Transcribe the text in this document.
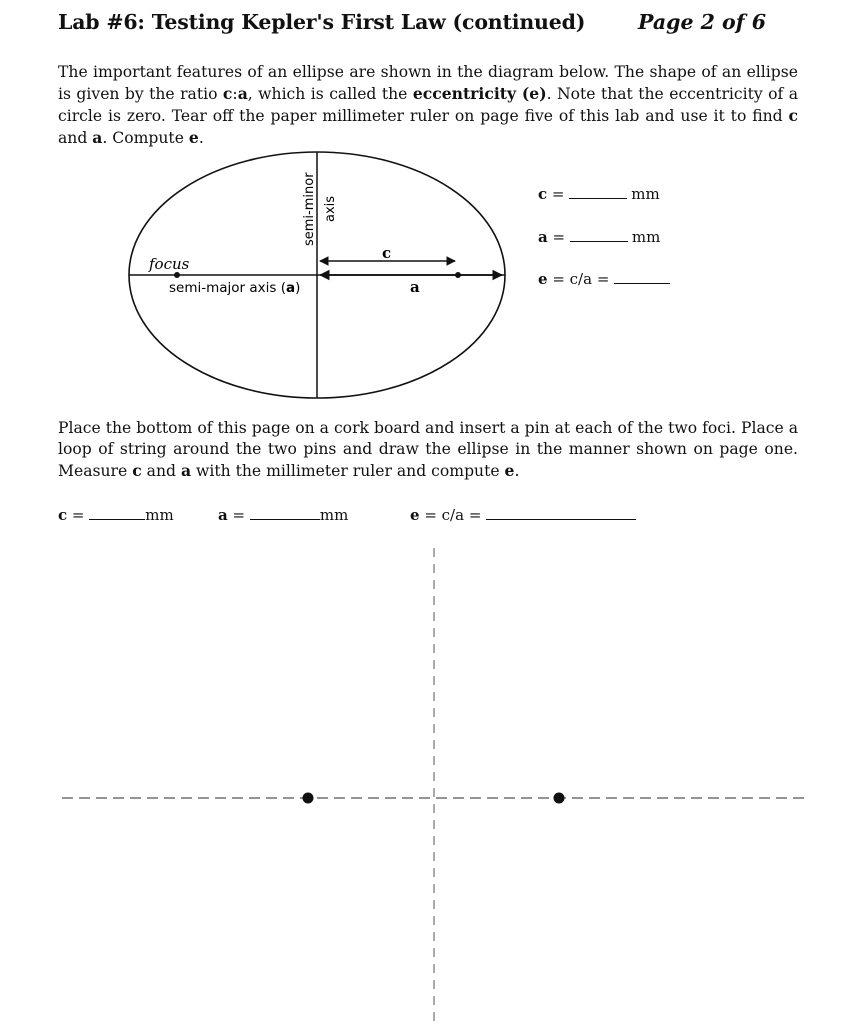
Lab #6: Testing Kepler's First Law (continued)	Page 2 of 6
The important features of an ellipse are shown in the diagram below. The shape of an ellipse is given by the ratio c:a, which is called the eccentricity (e). Note that the eccentricity of a circle is zero. Tear off the paper millimeter ruler on page five of this lab and use it to find c and a. Compute e.
semi-minor axis
focus
semi-major axis (a)
c
a
c =	mm
a =	mm
e = c/a =
Place the bottom of this page on a cork board and insert a pin at each of the two foci. Place a loop of string around the two pins and draw the ellipse in the manner shown on page one. Measure c and a with the millimeter ruler and compute e.
c =	mm	a =	mm	e = c/a =
